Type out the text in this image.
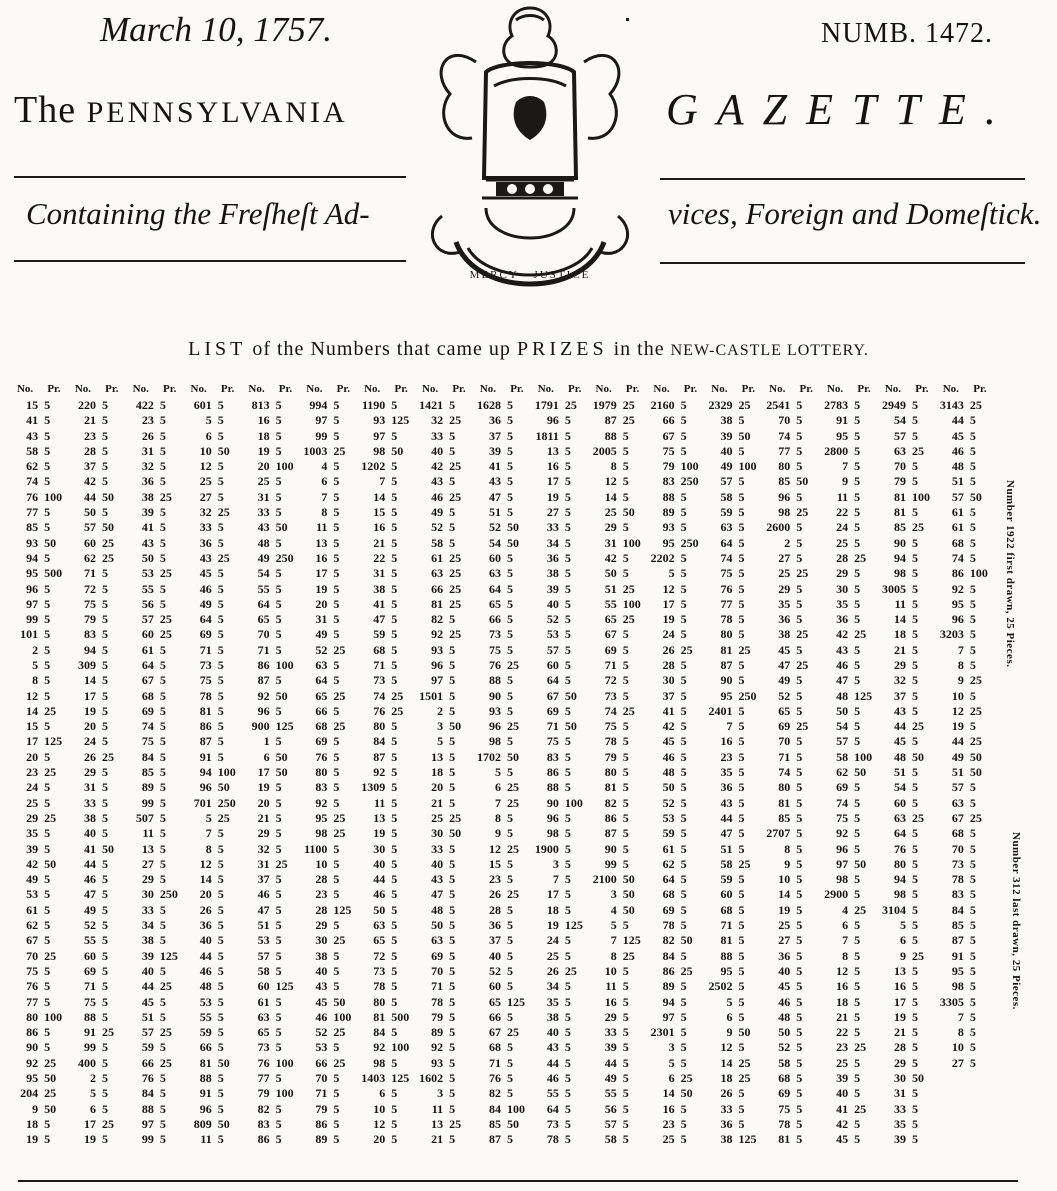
March 10, 1757.	NUMB. 1472.
The PENNSYLVANIA	GAZETTE.
Containing the Freſheſt Ad-	vices, Foreign and Domeſtick.
MERCY · JUSTICE
LIST of the Numbers that came up PRIZES in the NEW-CASTLE LOTTERY.
No.	Pr.	No.	Pr.	No.	Pr.	No.	Pr.	No.	Pr.	No.	Pr.	No.	Pr.	No.	Pr.	No.	Pr.	No.	Pr.	No.	Pr.	No.	Pr.	No.	Pr.	No.	Pr.	No.	Pr.	No.	Pr.	No.	Pr.
15	5	220	5	422	5	601	5	813	5	994	5	1190	5	1421	5	1628	5	1791	25	1979	25	2160	5	2329	25	2541	5	2783	5	2949	5	3143	25
41	5	21	5	23	5	5	5	16	5	97	5	93	125	32	25	36	5	96	5	87	25	66	5	38	5	70	5	91	5	54	5	44	5
43	5	23	5	26	5	6	5	18	5	99	5	97	5	33	5	37	5	1811	5	88	5	67	5	39	50	74	5	95	5	57	5	45	5
58	5	28	5	31	5	10	50	19	5	1003	25	98	50	40	5	39	5	13	5	2005	5	75	5	40	5	77	5	2800	5	63	25	46	5
62	5	37	5	32	5	12	5	20	100	4	5	1202	5	42	25	41	5	16	5	8	5	79	100	49	100	80	5	7	5	70	5	48	5
74	5	42	5	36	5	25	5	25	5	6	5	7	5	43	5	43	5	17	5	12	5	83	250	57	5	85	50	9	5	79	5	51	5
76	100	44	50	38	25	27	5	31	5	7	5	14	5	46	25	47	5	19	5	14	5	88	5	58	5	96	5	11	5	81	100	57	50
77	5	50	5	39	5	32	25	33	5	8	5	15	5	49	5	51	5	27	5	25	50	89	5	59	5	98	25	22	5	81	5	61	5
85	5	57	50	41	5	33	5	43	50	11	5	16	5	52	5	52	50	33	5	29	5	93	5	63	5	2600	5	24	5	85	25	61	5
93	50	60	25	43	5	36	5	48	5	13	5	21	5	58	5	54	50	34	5	31	100	95	250	64	5	2	5	25	5	90	5	68	5
94	5	62	25	50	5	43	25	49	250	16	5	22	5	61	25	60	5	36	5	42	5	2202	5	74	5	27	5	28	25	94	5	74	5
95	500	71	5	53	25	45	5	54	5	17	5	31	5	63	25	63	5	38	5	50	5	5	5	75	5	25	25	29	5	98	5	86	100
96	5	72	5	55	5	46	5	55	5	19	5	38	5	66	25	64	5	39	5	51	25	12	5	76	5	29	5	30	5	3005	5	92	5
97	5	75	5	56	5	49	5	64	5	20	5	41	5	81	25	65	5	40	5	55	100	17	5	77	5	35	5	35	5	11	5	95	5
99	5	79	5	57	25	64	5	65	5	31	5	47	5	82	5	66	5	52	5	65	25	19	5	78	5	36	5	36	5	14	5	96	5
101	5	83	5	60	25	69	5	70	5	49	5	59	5	92	25	73	5	53	5	67	5	24	5	80	5	38	25	42	25	18	5	3203	5
2	5	94	5	61	5	71	5	71	5	52	25	68	5	93	5	75	5	57	5	69	5	26	25	81	25	45	5	43	5	21	5	7	5
5	5	309	5	64	5	73	5	86	100	63	5	71	5	96	5	76	25	60	5	71	5	28	5	87	5	47	25	46	5	29	5	8	5
8	5	14	5	67	5	75	5	87	5	64	5	73	5	97	5	88	5	64	5	72	5	30	5	90	5	49	5	47	5	32	5	9	25
12	5	17	5	68	5	78	5	92	50	65	25	74	25	1501	5	90	5	67	50	73	5	37	5	95	250	52	5	48	125	37	5	10	5
14	25	19	5	69	5	81	5	96	5	66	5	76	25	2	5	93	5	69	5	74	25	41	5	2401	5	65	5	50	5	43	5	12	25
15	5	20	5	74	5	86	5	900	125	68	25	80	5	3	50	96	25	71	50	75	5	42	5	7	5	69	25	54	5	44	25	19	5
17	125	24	5	75	5	87	5	1	5	69	5	84	5	5	5	98	5	75	5	78	5	45	5	16	5	70	5	57	5	45	5	44	25
20	5	26	25	84	5	91	5	6	50	76	5	87	5	13	5	1702	50	83	5	79	5	46	5	23	5	71	5	58	100	48	50	49	50
23	25	29	5	85	5	94	100	17	50	80	5	92	5	18	5	5	5	86	5	80	5	48	5	35	5	74	5	62	50	51	5	51	50
24	5	31	5	89	5	96	50	19	5	83	5	1309	5	20	5	6	25	88	5	81	5	50	5	36	5	80	5	69	5	54	5	57	5
25	5	33	5	99	5	701	250	20	5	92	5	11	5	21	5	7	25	90	100	82	5	52	5	43	5	81	5	74	5	60	5	63	5
29	25	38	5	507	5	5	25	21	5	95	25	13	5	25	25	8	5	96	5	86	5	53	5	44	5	85	5	75	5	63	25	67	25
35	5	40	5	11	5	7	5	29	5	98	25	19	5	30	50	9	5	98	5	87	5	59	5	47	5	2707	5	92	5	64	5	68	5
39	5	41	50	13	5	8	5	32	5	1100	5	30	5	33	5	12	25	1900	5	90	5	61	5	51	5	8	5	96	5	76	5	70	5
42	50	44	5	27	5	12	5	31	25	10	5	40	5	40	5	15	5	3	5	99	5	62	5	58	25	9	5	97	50	80	5	73	5
49	5	46	5	29	5	14	5	37	5	28	5	44	5	43	5	23	5	7	5	2100	50	64	5	59	5	10	5	98	5	94	5	78	5
53	5	47	5	30	250	20	5	46	5	23	5	46	5	47	5	26	25	17	5	3	50	68	5	60	5	14	5	2900	5	98	5	83	5
61	5	49	5	33	5	26	5	47	5	28	125	50	5	48	5	28	5	18	5	4	50	69	5	68	5	19	5	4	25	3104	5	84	5
62	5	52	5	34	5	36	5	51	5	29	5	63	5	50	5	36	5	19	125	5	5	78	5	71	5	25	5	6	5	5	5	85	5
67	5	55	5	38	5	40	5	53	5	30	25	65	5	63	5	37	5	24	5	7	125	82	50	81	5	27	5	7	5	6	5	87	5
70	25	60	5	39	125	44	5	57	5	38	5	72	5	69	5	40	5	25	5	8	25	84	5	88	5	36	5	8	5	9	25	91	5
75	5	69	5	40	5	46	5	58	5	40	5	73	5	70	5	52	5	26	25	10	5	86	25	95	5	40	5	12	5	13	5	95	5
76	5	71	5	44	25	48	5	60	125	43	5	78	5	71	5	60	5	34	5	11	5	89	5	2502	5	45	5	16	5	16	5	98	5
77	5	75	5	45	5	53	5	61	5	45	50	80	5	78	5	65	125	35	5	16	5	94	5	5	5	46	5	18	5	17	5	3305	5
80	100	88	5	51	5	55	5	63	5	46	100	81	500	79	5	66	5	38	5	29	5	97	5	6	5	48	5	21	5	19	5	7	5
86	5	91	25	57	25	59	5	65	5	52	25	84	5	89	5	67	25	40	5	33	5	2301	5	9	50	50	5	22	5	21	5	8	5
90	5	99	5	59	5	66	5	73	5	53	5	92	100	92	5	68	5	43	5	39	5	3	5	12	5	52	5	23	25	28	5	10	5
92	25	400	5	66	25	81	50	76	100	66	25	98	5	93	5	71	5	44	5	44	5	5	5	14	25	58	5	25	5	29	5	27	5
95	50	2	5	76	5	88	5	77	5	70	5	1403	125	1602	5	76	5	46	5	49	5	6	25	18	25	68	5	39	5	30	50		
204	25	5	5	84	5	91	5	79	100	71	5	6	5	3	5	82	5	55	5	55	5	14	50	26	5	69	5	40	5	31	5		
9	50	6	5	88	5	96	5	82	5	79	5	10	5	11	5	84	100	64	5	56	5	16	5	33	5	75	5	41	25	33	5		
18	5	17	25	97	5	809	50	83	5	86	5	12	5	13	25	85	50	73	5	57	5	23	5	36	5	78	5	42	5	35	5		
19	5	19	5	99	5	11	5	86	5	89	5	20	5	21	5	87	5	78	5	58	5	25	5	38	125	81	5	45	5	39	5		
Number 1922 first drawn, 25 Pieces.
Number 312 last drawn, 25 Pieces.
